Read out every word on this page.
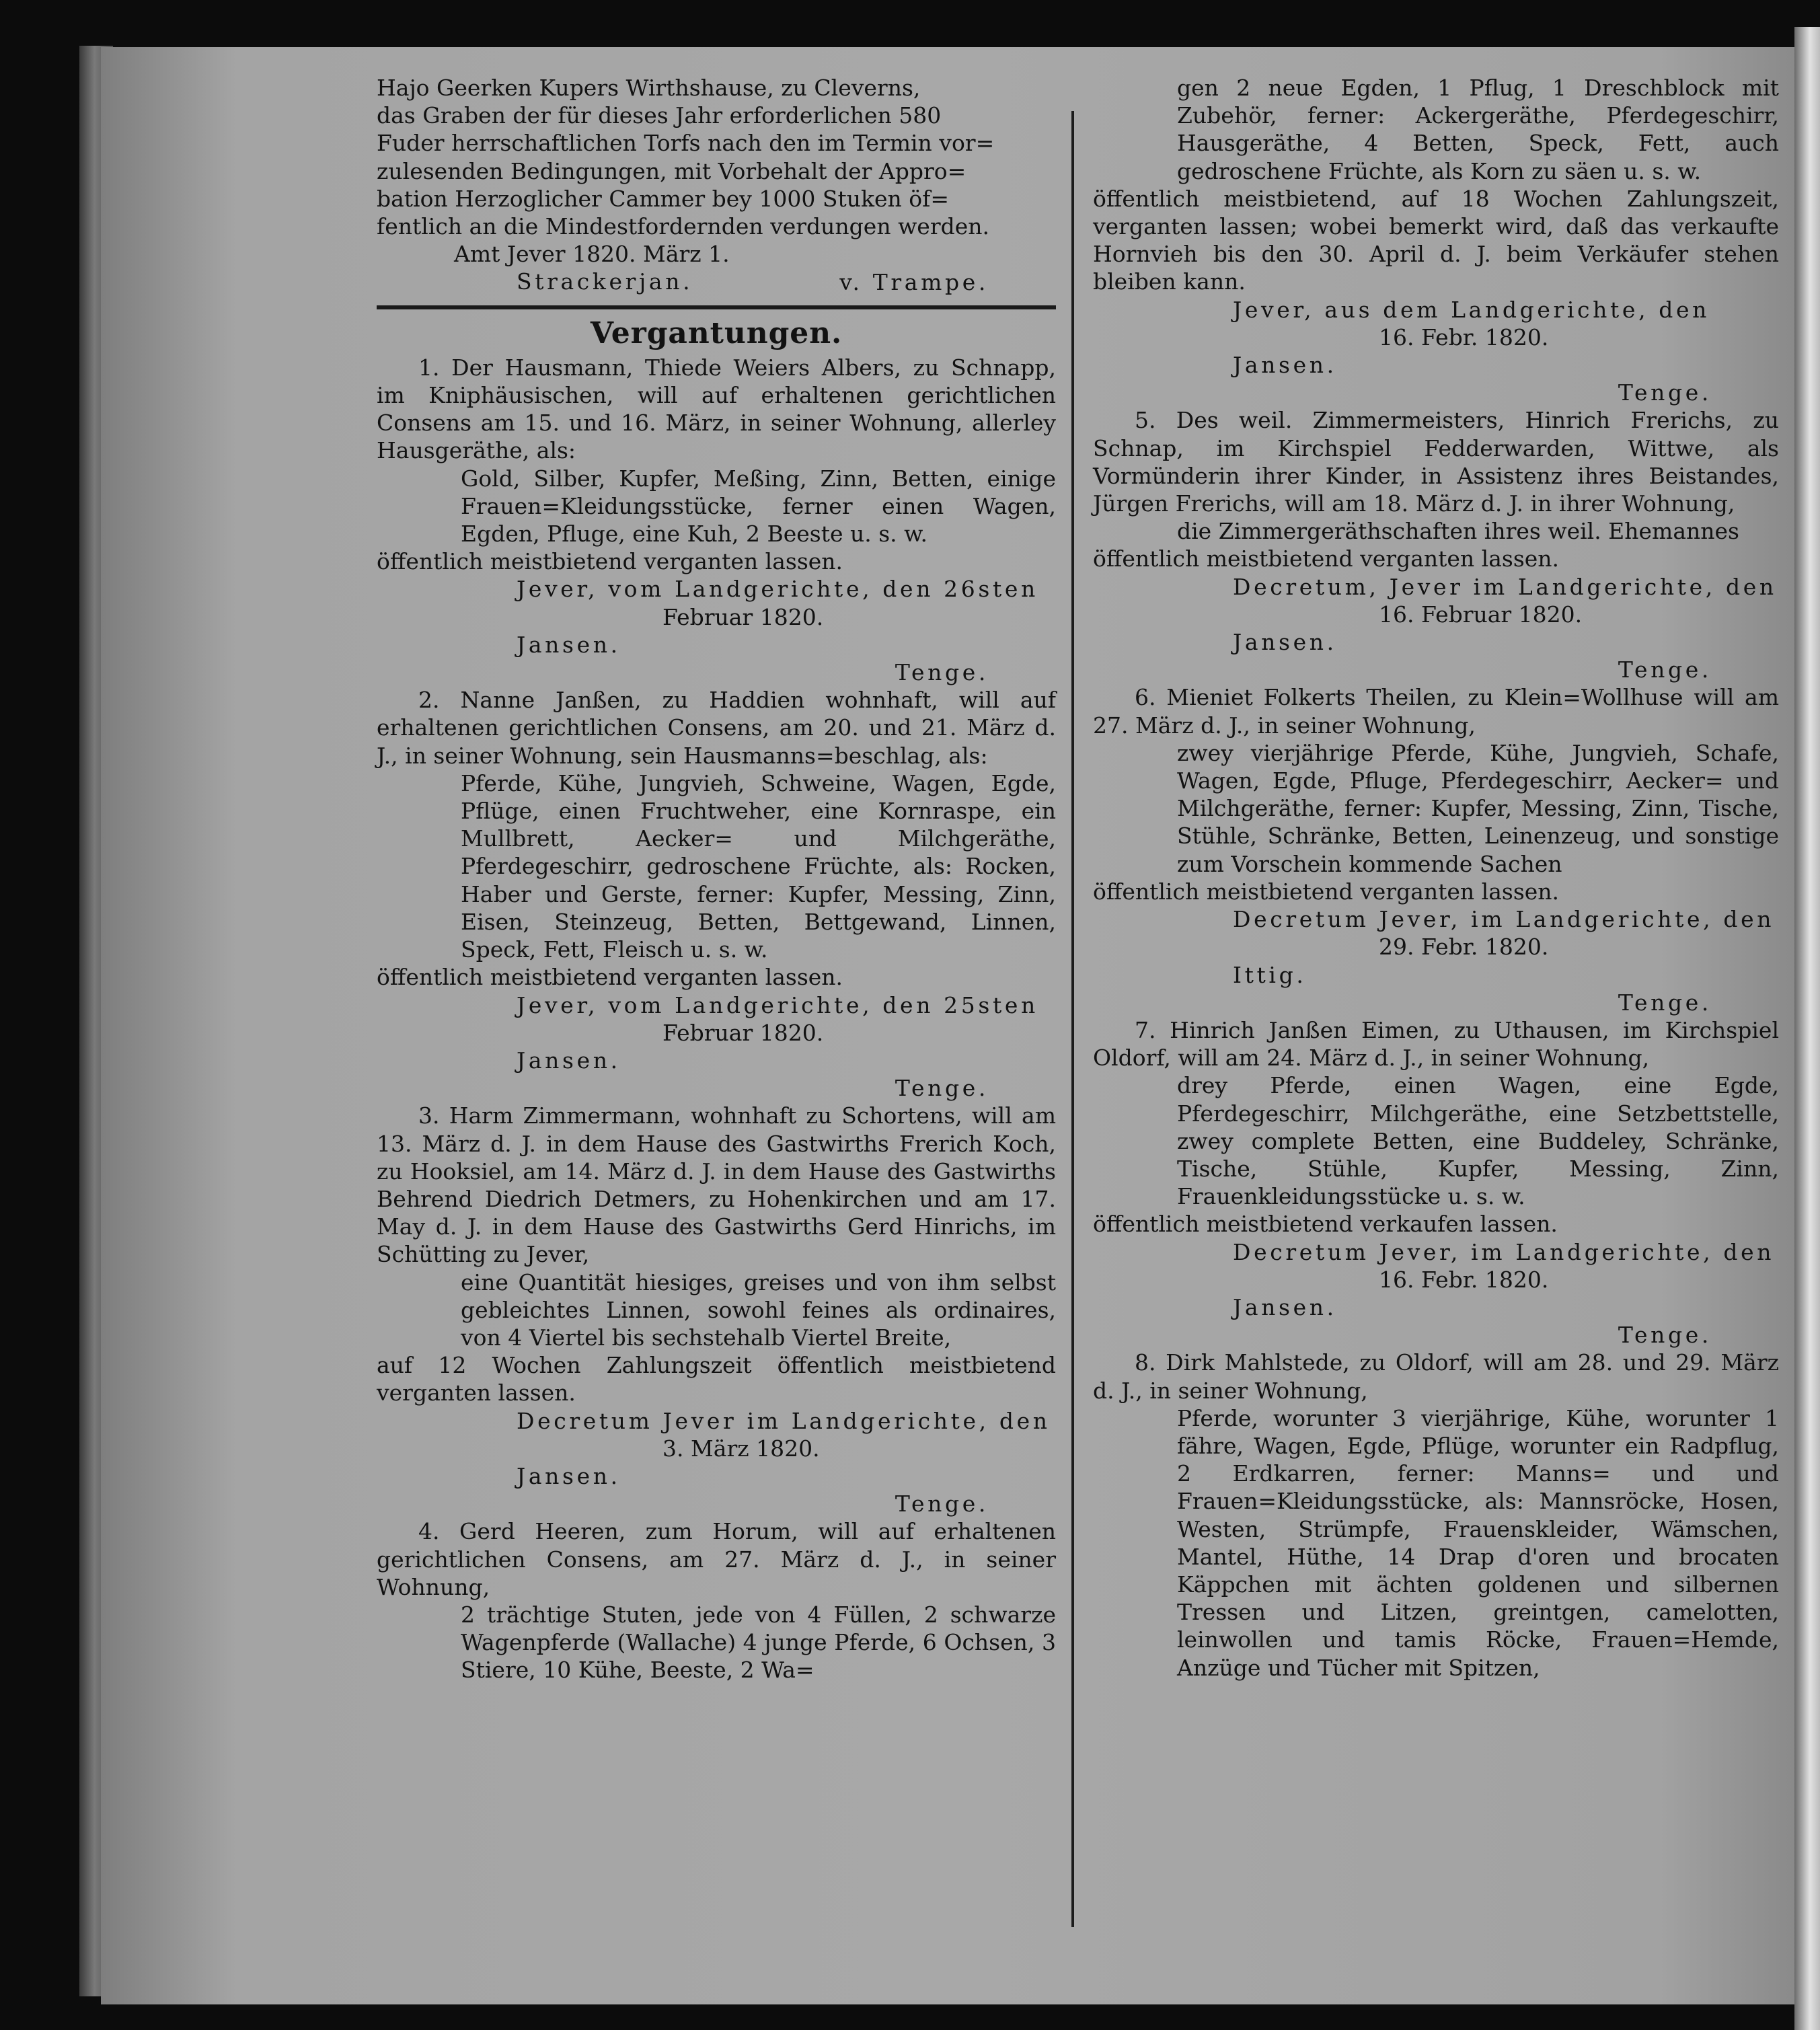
Hajo Geerken Kupers Wirthshause, zu Cleverns,

das Graben der für dieses Jahr erforderlichen 580

Fuder herrschaftlichen Torfs nach den im Termin vor=

zulesenden Bedingungen, mit Vorbehalt der Appro=

bation Herzoglicher Cammer bey 1000 Stuken öf=

fentlich an die Mindestfordernden verdungen werden.

Amt Jever 1820. März 1.

Strackerjan.	v. Trampe.

Vergantungen.

1. Der Hausmann, Thiede Weiers Albers, zu Schnapp, im Kniphäusischen, will auf erhaltenen gerichtlichen Consens am 15. und 16. März, in seiner Wohnung, allerley Hausgeräthe, als:

Gold, Silber, Kupfer, Meßing, Zinn, Betten, einige Frauen=Kleidungsstücke, ferner einen Wagen, Egden, Pfluge, eine Kuh, 2 Beeste u. s. w.

öffentlich meistbietend verganten lassen.

Jever, vom Landgerichte, den 26sten

Februar 1820.

Jansen.

Tenge.

2. Nanne Janßen, zu Haddien wohnhaft, will auf erhaltenen gerichtlichen Consens, am 20. und 21. März d. J., in seiner Wohnung, sein Hausmanns=beschlag, als:

Pferde, Kühe, Jungvieh, Schweine, Wagen, Egde, Pflüge, einen Fruchtweher, eine Kornraspe, ein Mullbrett, Aecker= und Milchgeräthe, Pferdegeschirr, gedroschene Früchte, als: Rocken, Haber und Gerste, ferner: Kupfer, Messing, Zinn, Eisen, Steinzeug, Betten, Bettgewand, Linnen, Speck, Fett, Fleisch u. s. w.

öffentlich meistbietend verganten lassen.

Jever, vom Landgerichte, den 25sten

Februar 1820.

Jansen.

Tenge.

3. Harm Zimmermann, wohnhaft zu Schortens, will am 13. März d. J. in dem Hause des Gastwirths Frerich Koch, zu Hooksiel, am 14. März d. J. in dem Hause des Gastwirths Behrend Diedrich Detmers, zu Hohenkirchen und am 17. May d. J. in dem Hause des Gastwirths Gerd Hinrichs, im Schütting zu Jever,

eine Quantität hiesiges, greises und von ihm selbst gebleichtes Linnen, sowohl feines als ordinaires, von 4 Viertel bis sechstehalb Viertel Breite,

auf 12 Wochen Zahlungszeit öffentlich meistbietend verganten lassen.

Decretum Jever im Landgerichte, den

3. März 1820.

Jansen.

Tenge.

4. Gerd Heeren, zum Horum, will auf erhaltenen gerichtlichen Consens, am 27. März d. J., in seiner Wohnung,

2 trächtige Stuten, jede von 4 Füllen, 2 schwarze Wagenpferde (Wallache) 4 junge Pferde, 6 Ochsen, 3 Stiere, 10 Kühe, Beeste, 2 Wa=

gen 2 neue Egden, 1 Pflug, 1 Dreschblock mit Zubehör, ferner: Ackergeräthe, Pferdegeschirr, Hausgeräthe, 4 Betten, Speck, Fett, auch gedroschene Früchte, als Korn zu säen u. s. w.

öffentlich meistbietend, auf 18 Wochen Zahlungszeit, verganten lassen; wobei bemerkt wird, daß das verkaufte Hornvieh bis den 30. April d. J. beim Verkäufer stehen bleiben kann.

Jever, aus dem Landgerichte, den

16. Febr. 1820.

Jansen.

Tenge.

5. Des weil. Zimmermeisters, Hinrich Frerichs, zu Schnap, im Kirchspiel Fedderwarden, Wittwe, als Vormünderin ihrer Kinder, in Assistenz ihres Beistandes, Jürgen Frerichs, will am 18. März d. J. in ihrer Wohnung,

die Zimmergeräthschaften ihres weil. Ehemannes

öffentlich meistbietend verganten lassen.

Decretum, Jever im Landgerichte, den

16. Februar 1820.

Jansen.

Tenge.

6. Mieniet Folkerts Theilen, zu Klein=Wollhuse will am 27. März d. J., in seiner Wohnung,

zwey vierjährige Pferde, Kühe, Jungvieh, Schafe, Wagen, Egde, Pfluge, Pferdegeschirr, Aecker= und Milchgeräthe, ferner: Kupfer, Messing, Zinn, Tische, Stühle, Schränke, Betten, Leinenzeug, und sonstige zum Vorschein kommende Sachen

öffentlich meistbietend verganten lassen.

Decretum Jever, im Landgerichte, den

29. Febr. 1820.

Ittig.

Tenge.

7. Hinrich Janßen Eimen, zu Uthausen, im Kirchspiel Oldorf, will am 24. März d. J., in seiner Wohnung,

drey Pferde, einen Wagen, eine Egde, Pferdegeschirr, Milchgeräthe, eine Setzbettstelle, zwey complete Betten, eine Buddeley, Schränke, Tische, Stühle, Kupfer, Messing, Zinn, Frauenkleidungsstücke u. s. w.

öffentlich meistbietend verkaufen lassen.

Decretum Jever, im Landgerichte, den

16. Febr. 1820.

Jansen.

Tenge.

8. Dirk Mahlstede, zu Oldorf, will am 28. und 29. März d. J., in seiner Wohnung,

Pferde, worunter 3 vierjährige, Kühe, worunter 1 fähre, Wagen, Egde, Pflüge, worunter ein Radpflug, 2 Erdkarren, ferner: Manns= und und Frauen=Kleidungsstücke, als: Mannsröcke, Hosen, Westen, Strümpfe, Frauenskleider, Wämschen, Mantel, Hüthe, 14 Drap d'oren und brocaten Käppchen mit ächten goldenen und silbernen Tressen und Litzen, greintgen, camelotten, leinwollen und tamis Röcke, Frauen=Hemde, Anzüge und Tücher mit Spitzen,
